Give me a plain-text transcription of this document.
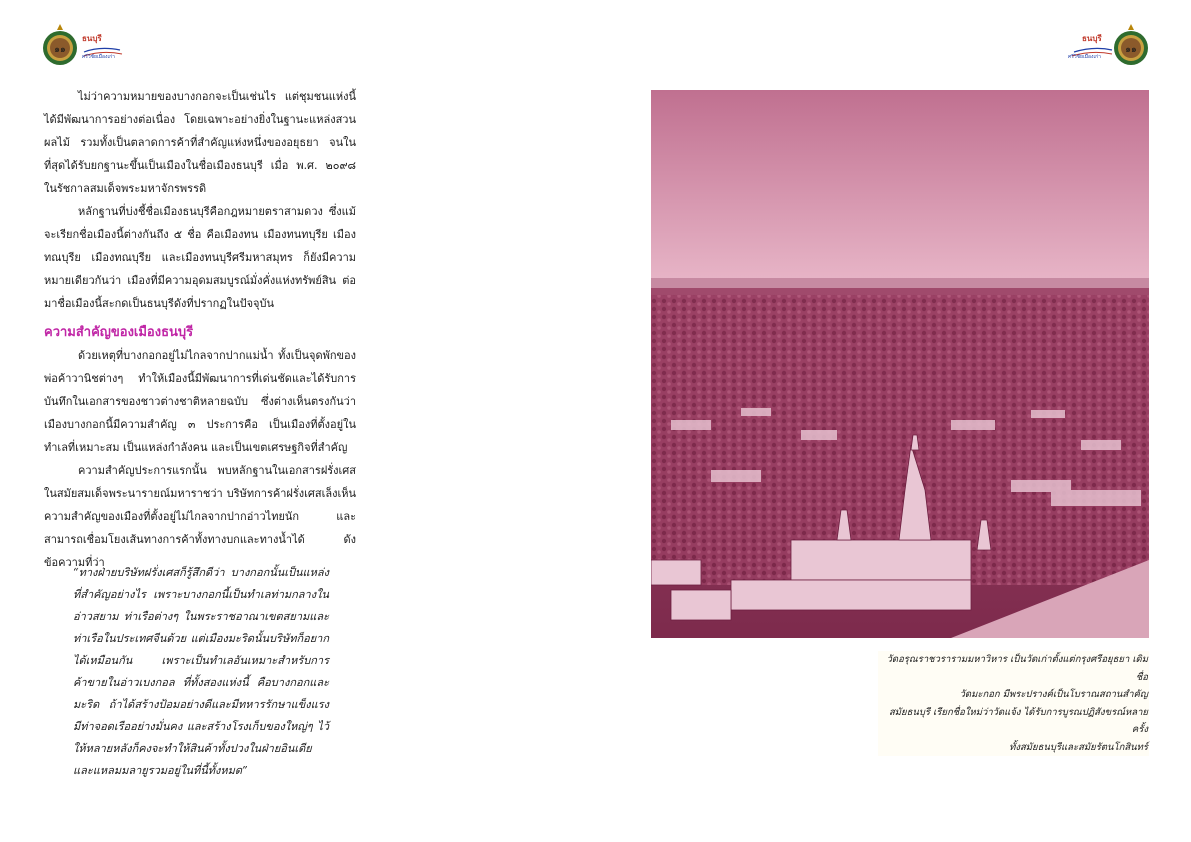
๑๑
ธนบุรี
ศรีวิชัยเมืองเก่า
ธนบุรี
ศรีวิชัยเมืองเก่า
๑๑

ไม่ว่าความหมายของบางกอกจะเป็นเช่นไร แต่ชุมชนแห่งนี้ได้มีพัฒนาการอย่างต่อเนื่อง โดยเฉพาะอย่างยิ่งในฐานะแหล่งสวนผลไม้ รวมทั้งเป็นตลาดการค้าที่สำคัญแห่งหนึ่งของอยุธยา จนในที่สุดได้รับยกฐานะขึ้นเป็นเมืองในชื่อเมืองธนบุรี เมื่อ พ.ศ. ๒๐๙๘ ในรัชกาลสมเด็จพระมหาจักรพรรดิ

หลักฐานที่บ่งชี้ชื่อเมืองธนบุรีคือกฎหมายตราสามดวง ซึ่งแม้จะเรียกชื่อเมืองนี้ต่างกันถึง ๕ ชื่อ คือเมืองทน เมืองทนทบุรีย เมืองทณบุรีย เมืองทณบุรีย และเมืองทนบุรีศรีมหาสมุทร ก็ยังมีความหมายเดียวกันว่า เมืองที่มีความอุดมสมบูรณ์มั่งคั่งแห่งทรัพย์สิน ต่อมาชื่อเมืองนี้สะกดเป็นธนบุรีดังที่ปรากฏในปัจจุบัน

ความสำคัญของเมืองธนบุรี

ด้วยเหตุที่บางกอกอยู่ไม่ไกลจากปากแม่น้ำ ทั้งเป็นจุดพักของพ่อค้าวานิชต่างๆ ทำให้เมืองนี้มีพัฒนาการที่เด่นชัดและได้รับการบันทึกในเอกสารของชาวต่างชาติหลายฉบับ ซึ่งต่างเห็นตรงกันว่าเมืองบางกอกนี้มีความสำคัญ ๓ ประการคือ เป็นเมืองที่ตั้งอยู่ในทำเลที่เหมาะสม เป็นแหล่งกำลังคน และเป็นเขตเศรษฐกิจที่สำคัญ

ความสำคัญประการแรกนั้น พบหลักฐานในเอกสารฝรั่งเศสในสมัยสมเด็จพระนารายณ์มหาราชว่า บริษัทการค้าฝรั่งเศสเล็งเห็นความสำคัญของเมืองที่ตั้งอยู่ไม่ไกลจากปากอ่าวไทยนัก และสามารถเชื่อมโยงเส้นทางการค้าทั้งทางบกและทางน้ำได้ ดังข้อความที่ว่า

“ทางฝ่ายบริษัทฝรั่งเศสก็รู้สึกดีว่า บางกอกนั้นเป็นแหล่งที่สำคัญอย่างไร เพราะบางกอกนี้เป็นทำเลท่ามกลางในอ่าวสยาม ท่าเรือต่างๆ ในพระราชอาณาเขตสยามและท่าเรือในประเทศจีนด้วย แต่เมืองมะริดนั้นบริษัทก็อยากได้เหมือนกัน เพราะเป็นทำเลอันเหมาะสำหรับการค้าขายในอ่าวเบงกอล ที่ทั้งสองแห่งนี้ คือบางกอกและมะริด ถ้าได้สร้างป้อมอย่างดีและมีทหารรักษาแข็งแรง มีท่าจอดเรืออย่างมั่นคง และสร้างโรงเก็บของใหญ่ๆ ไว้ให้หลายหลังก็คงจะทำให้สินค้าทั้งปวงในฝ่ายอินเดียและแหลมมลายูรวมอยู่ในที่นี้ทั้งหมด”
วัดอรุณราชวรารามมหาวิหาร เป็นวัดเก่าตั้งแต่กรุงศรีอยุธยา เดิมชื่อ
วัดมะกอก มีพระปรางค์เป็นโบราณสถานสำคัญ
สมัยธนบุรี เรียกชื่อใหม่ว่าวัดแจ้ง ได้รับการบูรณปฏิสังขรณ์หลายครั้ง
ทั้งสมัยธนบุรีและสมัยรัตนโกสินทร์
